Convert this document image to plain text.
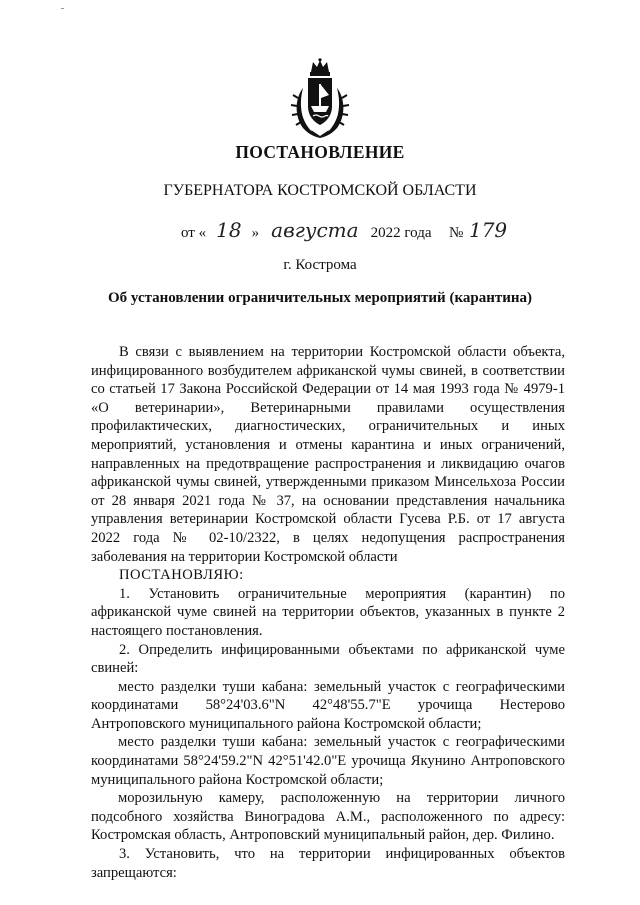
ПОСТАНОВЛЕНИЕ
ГУБЕРНАТОРА КОСТРОМСКОЙ ОБЛАСТИ
от « 18 » августа 2022 года № 179
г. Кострома
Об установлении ограничительных мероприятий (карантина)

В связи с выявлением на территории Костромской области объекта, инфицированного возбудителем африканской чумы свиней, в соответствии со статьей 17 Закона Российской Федерации от 14 мая 1993 года № 4979-1 «О ветеринарии», Ветеринарными правилами осуществления профилактических, диагностических, ограничительных и иных мероприятий, установления и отмены карантина и иных ограничений, направленных на предотвращение распространения и ликвидацию очагов африканской чумы свиней, утвержденными приказом Минсельхоза России от 28 января 2021 года № 37, на основании представления начальника управления ветеринарии Костромской области Гусева Р.Б. от 17 августа 2022 года № 02-10/2322, в целях недопущения распространения заболевания на территории Костромской области

ПОСТАНОВЛЯЮ:

1. Установить ограничительные мероприятия (карантин) по африканской чуме свиней на территории объектов, указанных в пункте 2 настоящего постановления.

2. Определить инфицированными объектами по африканской чуме свиней:

место разделки туши кабана: земельный участок с географическими координатами 58°24'03.6"N 42°48'55.7"E урочища Нестерово Антроповского муниципального района Костромской области;

место разделки туши кабана: земельный участок с географическими координатами 58°24'59.2"N 42°51'42.0"E урочища Якунино Антроповского муниципального района Костромской области;

морозильную камеру, расположенную на территории личного подсобного хозяйства Виноградова А.М., расположенного по адресу: Костромская область, Антроповский муниципальный район, дер. Филино.

3. Установить, что на территории инфицированных объектов запрещаются:
